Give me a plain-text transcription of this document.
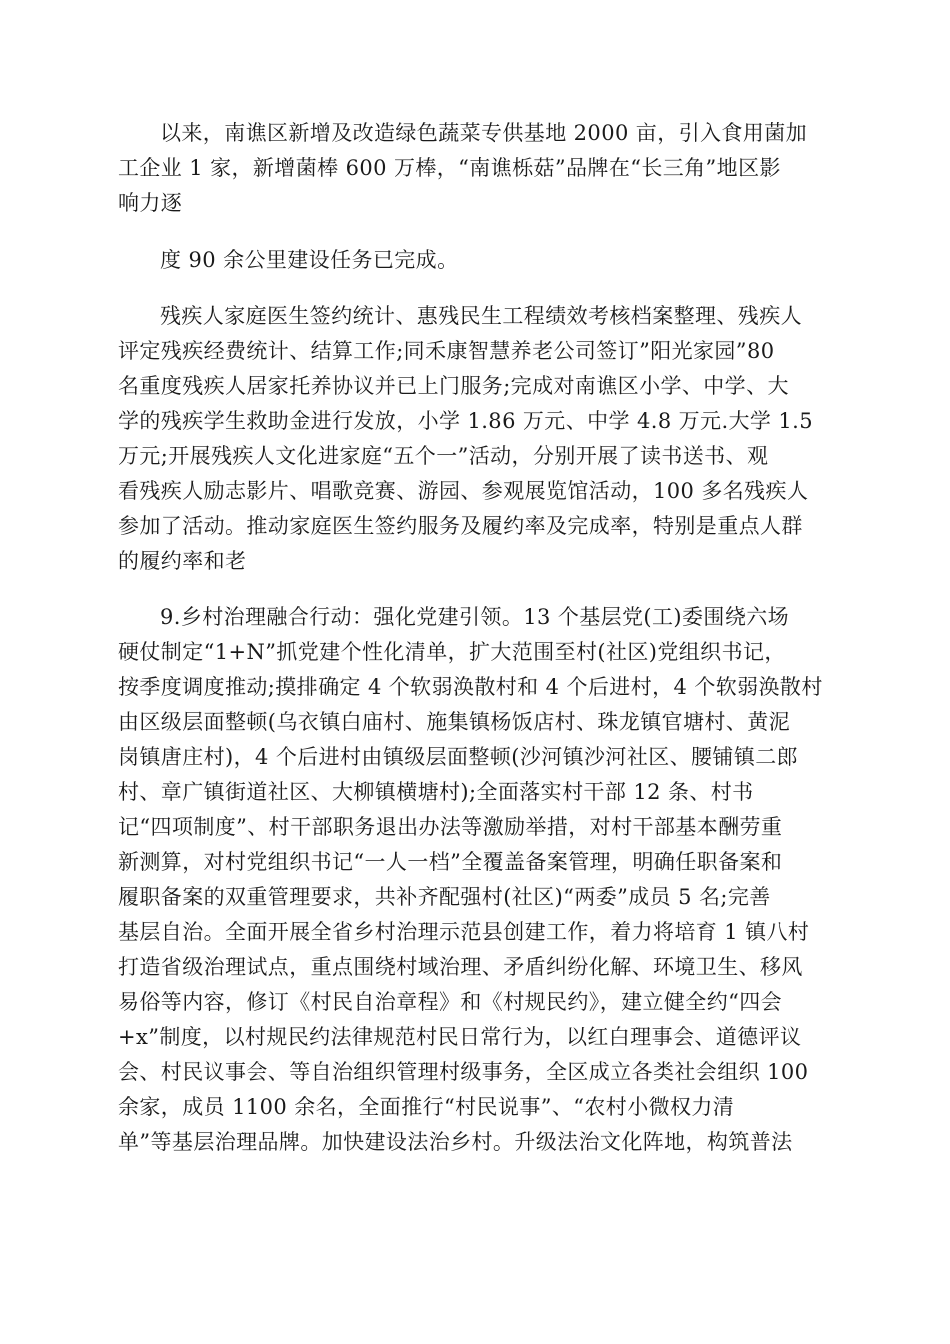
以来，南谯区新增及改造绿色蔬菜专供基地 2000 亩，引入食用菌加

工企业 1 家，新增菌棒 600 万棒，“南谯栎菇”品牌在“长三角”地区影

响力逐

度 90 余公里建设任务已完成。

残疾人家庭医生签约统计、惠残民生工程绩效考核档案整理、残疾人

评定残疾经费统计、结算工作;同禾康智慧养老公司签订”阳光家园”80

名重度残疾人居家托养协议并已上门服务;完成对南谯区小学、中学、大

学的残疾学生救助金进行发放，小学 1.86 万元、中学 4.8 万元.大学 1.5

万元;开展残疾人文化进家庭“五个一”活动，分别开展了读书送书、观

看残疾人励志影片、唱歌竞赛、游园、参观展览馆活动，100 多名残疾人

参加了活动。推动家庭医生签约服务及履约率及完成率，特别是重点人群

的履约率和老

9.乡村治理融合行动：强化党建引领。13 个基层党(工)委围绕六场

硬仗制定“1+N”抓党建个性化清单，扩大范围至村(社区)党组织书记，

按季度调度推动;摸排确定 4 个软弱涣散村和 4 个后进村，4 个软弱涣散村

由区级层面整顿(乌衣镇白庙村、施集镇杨饭店村、珠龙镇官塘村、黄泥

岗镇唐庄村)，4 个后进村由镇级层面整顿(沙河镇沙河社区、腰铺镇二郎

村、章广镇街道社区、大柳镇横塘村);全面落实村干部 12 条、村书

记“四项制度”、村干部职务退出办法等激励举措，对村干部基本酬劳重

新测算，对村党组织书记“一人一档”全覆盖备案管理，明确任职备案和

履职备案的双重管理要求，共补齐配强村(社区)“两委”成员 5 名;完善

基层自治。全面开展全省乡村治理示范县创建工作，着力将培育 1 镇八村

打造省级治理试点，重点围绕村域治理、矛盾纠纷化解、环境卫生、移风

易俗等内容，修订《村民自治章程》和《村规民约》，建立健全约“四会

+x”制度，以村规民约法律规范村民日常行为，以红白理事会、道德评议

会、村民议事会、等自治组织管理村级事务，全区成立各类社会组织 100

余家，成员 1100 余名，全面推行“村民说事”、“农村小微权力清

单”等基层治理品牌。加快建设法治乡村。升级法治文化阵地，构筑普法
